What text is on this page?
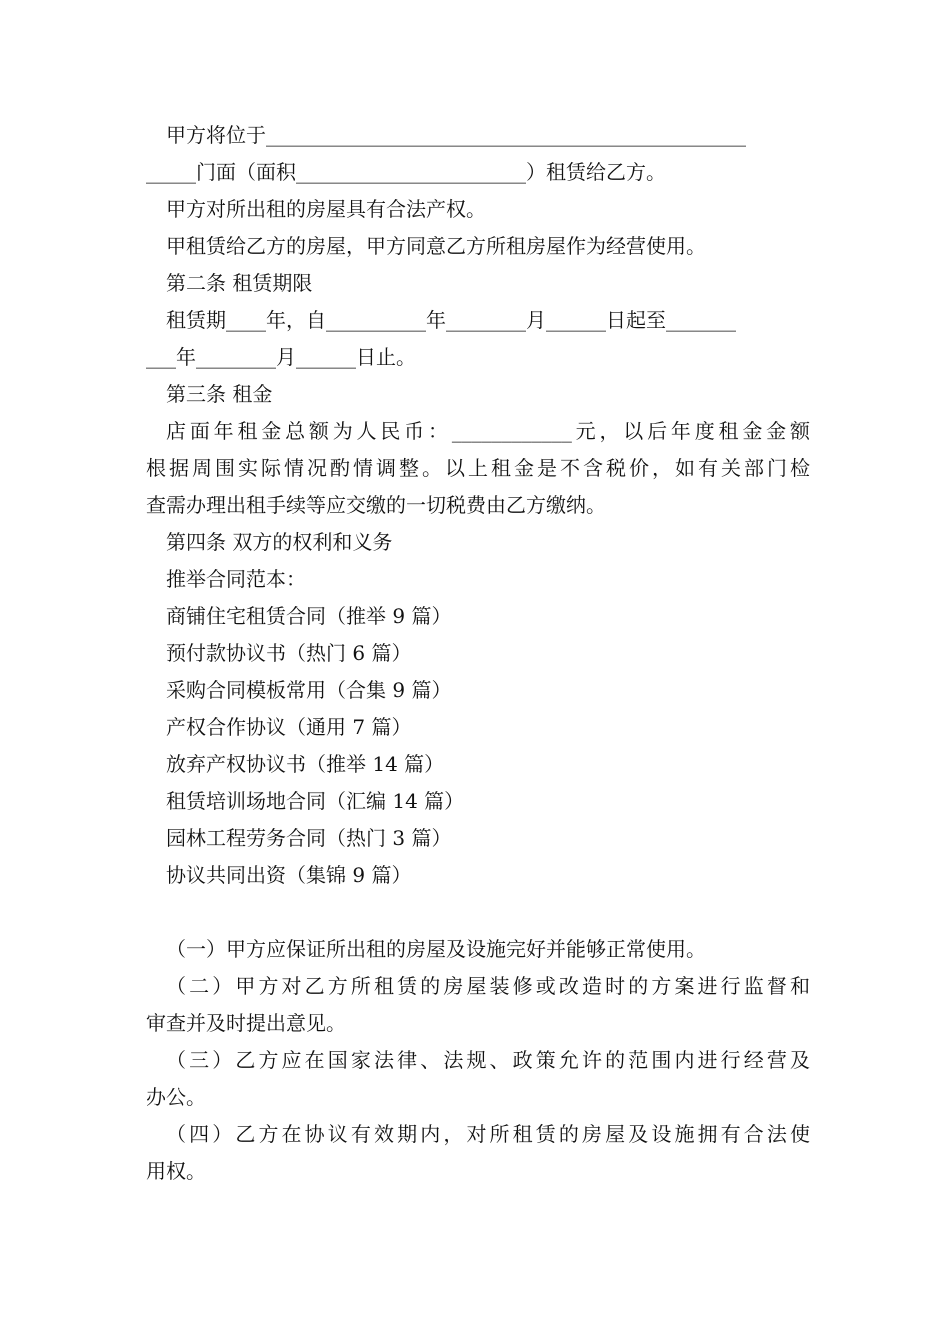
甲方将位于________________________________________________
_____门面（面积_______________________）租赁给乙方。
甲方对所出租的房屋具有合法产权。
甲租赁给乙方的房屋，甲方同意乙方所租房屋作为经营使用。
第二条 租赁期限
租赁期____年，自__________年________月______日起至_______
___年________月______日止。
第三条 租金
店面年租金总额为人民币：____________元，以后年度租金金额
根据周围实际情况酌情调整。以上租金是不含税价，如有关部门检
查需办理出租手续等应交缴的一切税费由乙方缴纳。
第四条 双方的权利和义务
推举合同范本：
商铺住宅租赁合同（推举 9 篇）
预付款协议书（热门 6 篇）
采购合同模板常用（合集 9 篇）
产权合作协议（通用 7 篇）
放弃产权协议书（推举 14 篇）
租赁培训场地合同（汇编 14 篇）
园林工程劳务合同（热门 3 篇）
协议共同出资（集锦 9 篇）
（一）甲方应保证所出租的房屋及设施完好并能够正常使用。
（二）甲方对乙方所租赁的房屋装修或改造时的方案进行监督和
审查并及时提出意见。
（三）乙方应在国家法律、法规、政策允许的范围内进行经营及
办公。
（四）乙方在协议有效期内，对所租赁的房屋及设施拥有合法使
用权。
